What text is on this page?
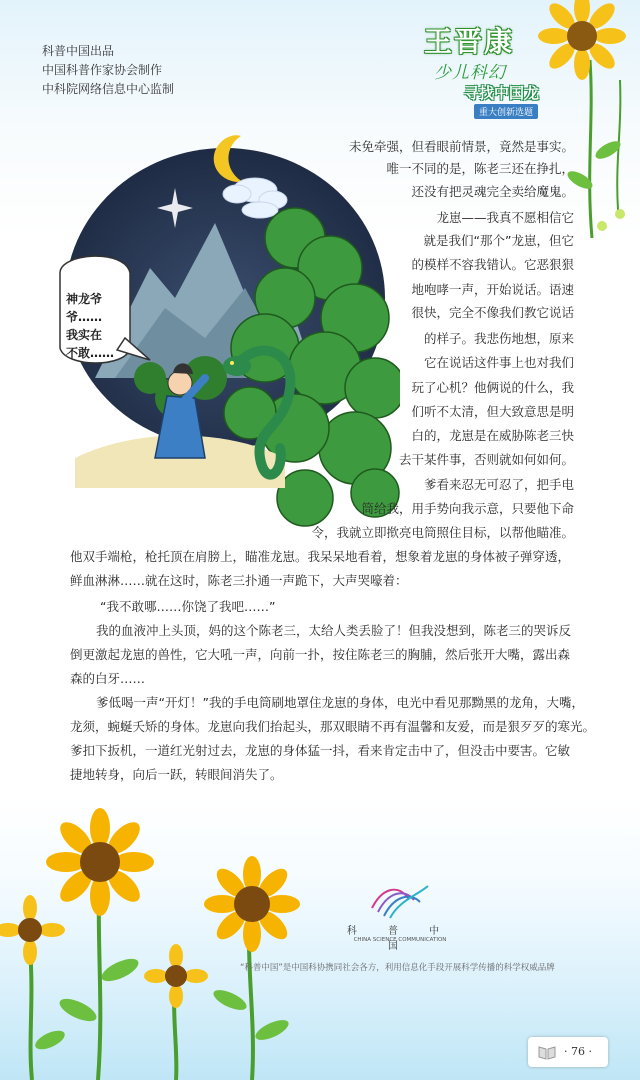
科普中国出品
中国科普作家协会制作
中科院网络信息中心监制
王晋康
少儿科幻
寻找中国龙
重大创新选题
神龙爷
爷……
我实在
不敢……
未免牵强，但看眼前情景，竟然是事实。
唯一不同的是，陈老三还在挣扎，
还没有把灵魂完全卖给魔鬼。
龙崽——我真不愿相信它
就是我们“那个”龙崽，但它
的模样不容我错认。它恶狠狠
地咆哮一声，开始说话。语速
很快，完全不像我们教它说话
的样子。我悲伤地想，原来
它在说话这件事上也对我们
玩了心机？他俩说的什么，我
们听不太清，但大致意思是明
白的，龙崽是在威胁陈老三快
去干某件事，否则就如何如何。
爹看来忍无可忍了，把手电
筒给我，用手势向我示意，只要他下命
令，我就立即揿亮电筒照住目标，以帮他瞄准。
他双手端枪，枪托顶在肩膀上，瞄准龙崽。我呆呆地看着，想象着龙崽的身体被子弹穿透，
鲜血淋淋……就在这时，陈老三扑通一声跪下，大声哭嚎着：
“我不敢哪……你饶了我吧……”
我的血液冲上头顶，妈的这个陈老三，太给人类丢脸了！但我没想到，陈老三的哭诉反
倒更激起龙崽的兽性，它大吼一声，向前一扑，按住陈老三的胸脯，然后张开大嘴，露出森
森的白牙……
爹低喝一声“开灯！”我的手电筒刷地罩住龙崽的身体，电光中看见那黝黑的龙角，大嘴，
龙须，蜿蜒夭矫的身体。龙崽向我们抬起头，那双眼睛不再有温馨和友爱，而是狠歹歹的寒光。
爹扣下扳机，一道红光射过去，龙崽的身体猛一抖，看来肯定击中了，但没击中要害。它敏
捷地转身，向后一跃，转眼间消失了。
科 普 中 国
CHINA SCIENCE COMMUNICATION
“科普中国”是中国科协携同社会各方，利用信息化手段开展科学传播的科学权威品牌
· 76 ·
